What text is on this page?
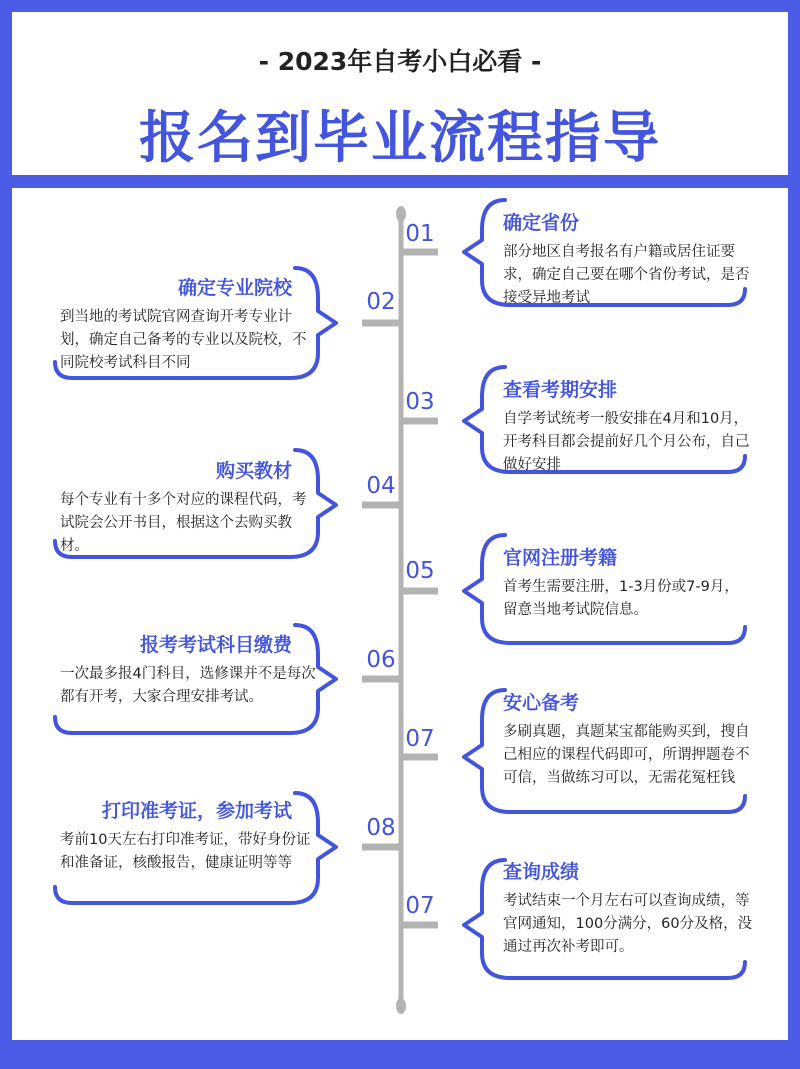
- 2023年自考小白必看 -
报名到毕业流程指导
01	确定省份
部分地区自考报名有户籍或居住证要求，确定自己要在哪个省份考试，是否接受异地考试
02
确定专业院校
到当地的考试院官网查询开考专业计划，确定自己备考的专业以及院校，不同院校考试科目不同
03	查看考期安排
自学考试统考一般安排在4月和10月，开考科目都会提前好几个月公布，自己做好安排
04
购买教材
每个专业有十多个对应的课程代码，考试院会公开书目，根据这个去购买教材。
05	官网注册考籍
首考生需要注册，1-3月份或7-9月，留意当地考试院信息。
06
报考考试科目缴费
一次最多报4门科目，选修课并不是每次都有开考，大家合理安排考试。
07
安心备考
多刷真题，真题某宝都能购买到，搜自己相应的课程代码即可，所谓押题卷不可信，当做练习可以，无需花冤枉钱
08
打印准考证，参加考试
考前10天左右打印准考证，带好身份证和准备证，核酸报告，健康证明等等
07
查询成绩
考试结束一个月左右可以查询成绩，等官网通知，100分满分，60分及格，没通过再次补考即可。
